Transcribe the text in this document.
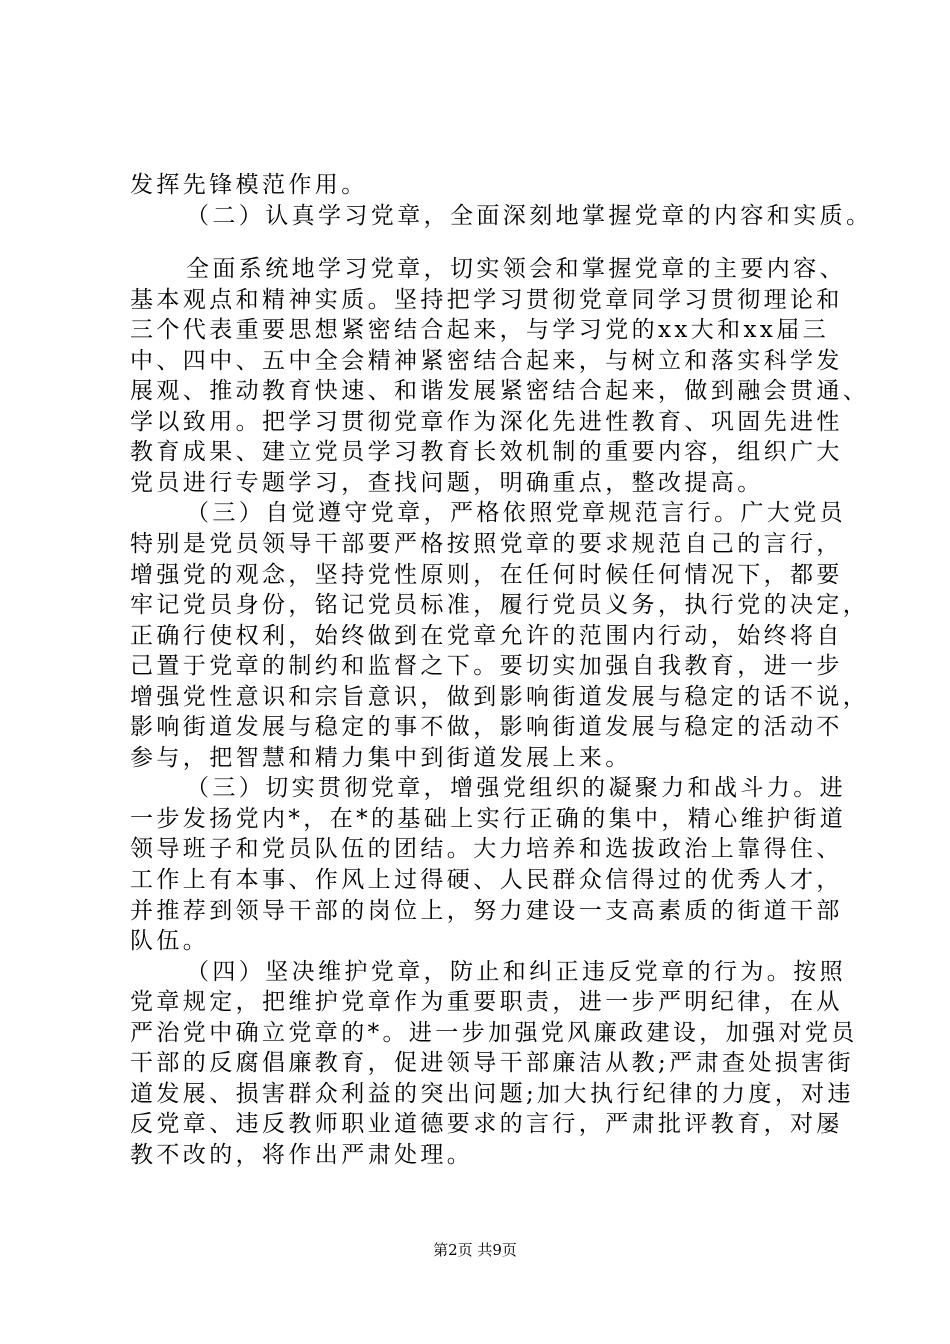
发挥先锋模范作用。
（二）认真学习党章，全面深刻地掌握党章的内容和实质。
全面系统地学习党章，切实领会和掌握党章的主要内容、
基本观点和精神实质。坚持把学习贯彻党章同学习贯彻理论和
三个代表重要思想紧密结合起来，与学习党的xx大和xx届三
中、四中、五中全会精神紧密结合起来，与树立和落实科学发
展观、推动教育快速、和谐发展紧密结合起来，做到融会贯通、
学以致用。把学习贯彻党章作为深化先进性教育、巩固先进性
教育成果、建立党员学习教育长效机制的重要内容，组织广大
党员进行专题学习，查找问题，明确重点，整改提高。
（三）自觉遵守党章，严格依照党章规范言行。广大党员
特别是党员领导干部要严格按照党章的要求规范自己的言行，
增强党的观念，坚持党性原则，在任何时候任何情况下，都要
牢记党员身份，铭记党员标准，履行党员义务，执行党的决定，
正确行使权利，始终做到在党章允许的范围内行动，始终将自
己置于党章的制约和监督之下。要切实加强自我教育，进一步
增强党性意识和宗旨意识，做到影响街道发展与稳定的话不说，
影响街道发展与稳定的事不做，影响街道发展与稳定的活动不
参与，把智慧和精力集中到街道发展上来。
（三）切实贯彻党章，增强党组织的凝聚力和战斗力。进
一步发扬党内*，在*的基础上实行正确的集中，精心维护街道
领导班子和党员队伍的团结。大力培养和选拔政治上靠得住、
工作上有本事、作风上过得硬、人民群众信得过的优秀人才，
并推荐到领导干部的岗位上，努力建设一支高素质的街道干部
队伍。
（四）坚决维护党章，防止和纠正违反党章的行为。按照
党章规定，把维护党章作为重要职责，进一步严明纪律，在从
严治党中确立党章的*。进一步加强党风廉政建设，加强对党员
干部的反腐倡廉教育，促进领导干部廉洁从教;严肃查处损害街
道发展、损害群众利益的突出问题;加大执行纪律的力度，对违
反党章、违反教师职业道德要求的言行，严肃批评教育，对屡
教不改的，将作出严肃处理。
第2页 共9页
